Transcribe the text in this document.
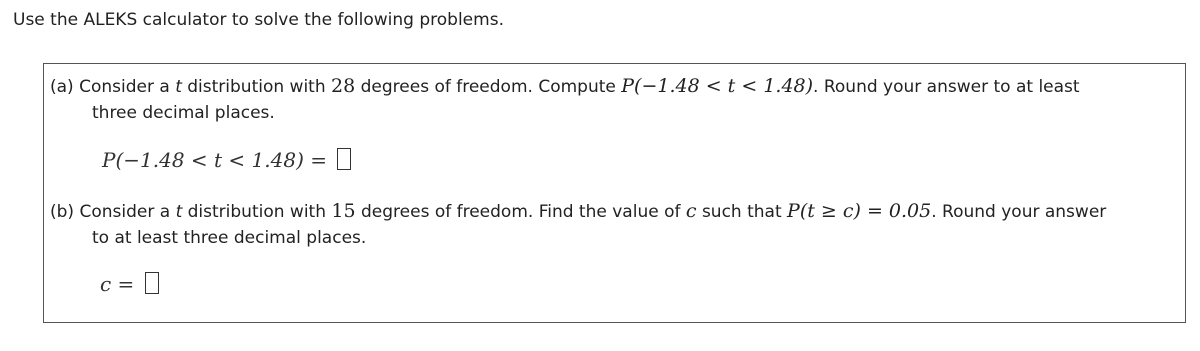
Use the ALEKS calculator to solve the following problems.
(a) Consider a t distribution with 28 degrees of freedom. Compute P(−1.48 < t < 1.48). Round your answer to at least
three decimal places.
P(−1.48 < t < 1.48) =
(b) Consider a t distribution with 15 degrees of freedom. Find the value of c such that P(t ≥ c) = 0.05. Round your answer
to at least three decimal places.
c =
